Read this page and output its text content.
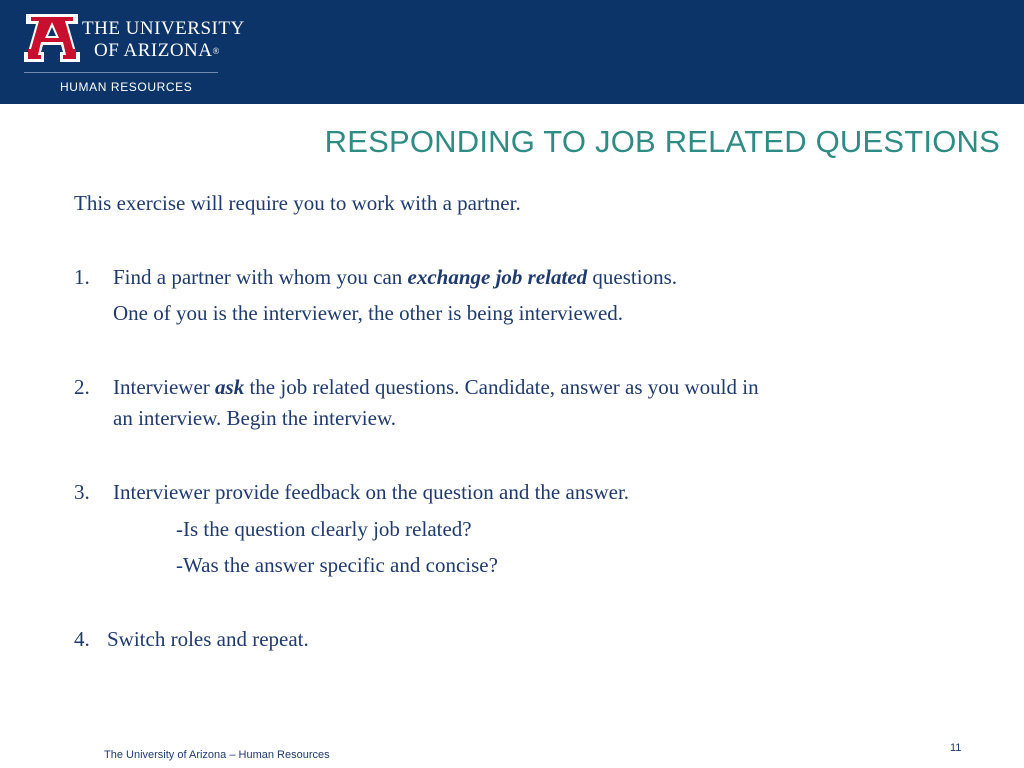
THE UNIVERSITY
OF ARIZONA®
HUMAN RESOURCES
RESPONDING TO JOB RELATED QUESTIONS
This exercise will require you to work with a partner.
1. Find a partner with whom you can exchange job related questions.
One of you is the interviewer, the other is being interviewed.
2. Interviewer ask the job related questions. Candidate, answer as you would in
an interview. Begin the interview.
3. Interviewer provide feedback on the question and the answer.
-Is the question clearly job related?
-Was the answer specific and concise?
4. Switch roles and repeat.
The University of Arizona – Human Resources
11
